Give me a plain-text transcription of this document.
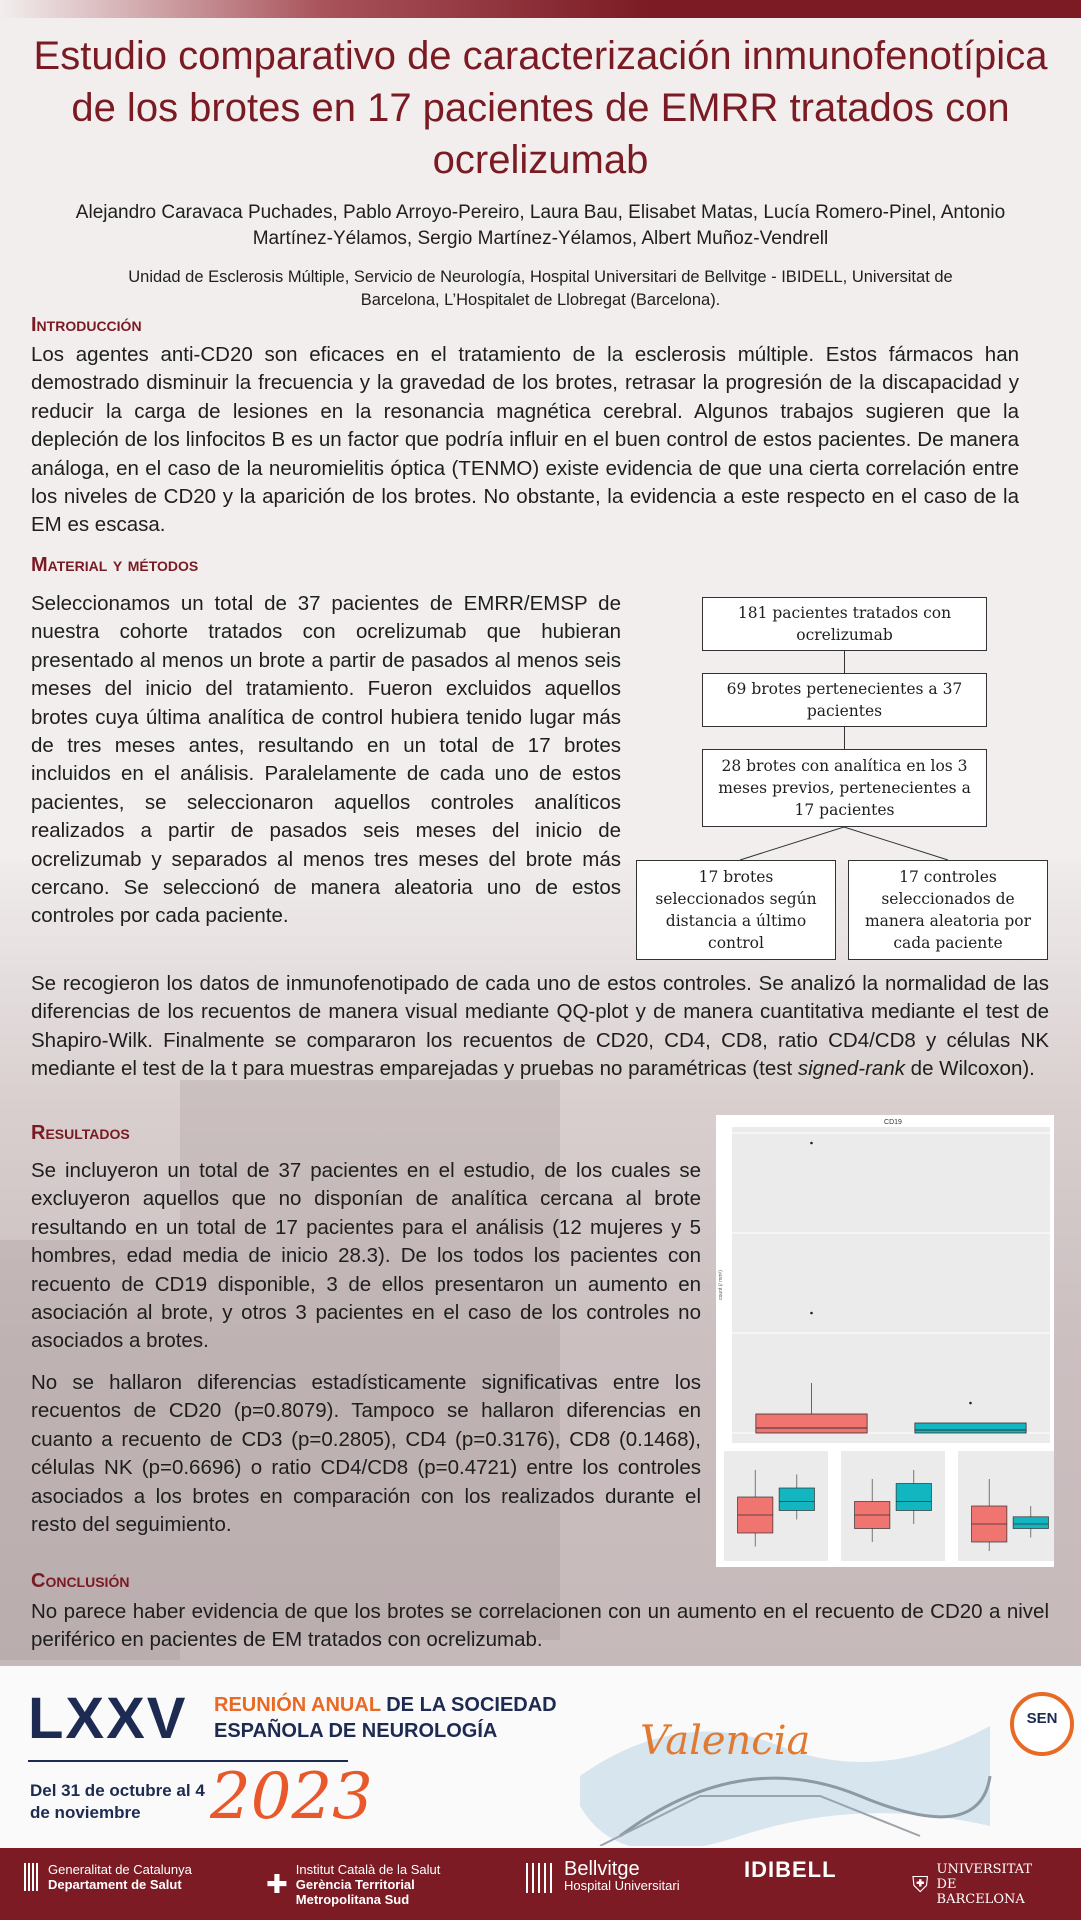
Estudio comparativo de caracterización inmunofenotípica de los brotes en 17 pacientes de EMRR tratados con ocrelizumab

Alejandro Caravaca Puchades, Pablo Arroyo-Pereiro, Laura Bau, Elisabet Matas, Lucía Romero-Pinel, Antonio Martínez-Yélamos, Sergio Martínez-Yélamos, Albert Muñoz-Vendrell

Unidad de Esclerosis Múltiple, Servicio de Neurología, Hospital Universitari de Bellvitge - IBIDELL, Universitat de Barcelona, L’Hospitalet de Llobregat (Barcelona).

Introducción

Los agentes anti-CD20 son eficaces en el tratamiento de la esclerosis múltiple. Estos fármacos han demostrado disminuir la frecuencia y la gravedad de los brotes, retrasar la progresión de la discapacidad y reducir la carga de lesiones en la resonancia magnética cerebral. Algunos trabajos sugieren que la depleción de los linfocitos B es un factor que podría influir en el buen control de estos pacientes. De manera análoga, en el caso de la neuromielitis óptica (TENMO) existe evidencia de que una cierta correlación entre los niveles de CD20 y la aparición de los brotes. No obstante, la evidencia a este respecto en el caso de la EM es escasa.

Material y métodos

Seleccionamos un total de 37 pacientes de EMRR/EMSP de nuestra cohorte tratados con ocrelizumab que hubieran presentado al menos un brote a partir de pasados al menos seis meses del inicio del tratamiento. Fueron excluidos aquellos brotes cuya última analítica de control hubiera tenido lugar más de tres meses antes, resultando en un total de 17 brotes incluidos en el análisis. Paralelamente de cada uno de estos pacientes, se seleccionaron aquellos controles analíticos realizados a partir de pasados seis meses del inicio de ocrelizumab y separados al menos tres meses del brote más cercano. Se seleccionó de manera aleatoria uno de estos controles por cada paciente.

181 pacientes tratados con ocrelizumab
69 brotes pertenecientes a 37 pacientes
28 brotes con analítica en los 3 meses previos, pertenecientes a 17 pacientes
17 brotes seleccionados según distancia a último control
17 controles seleccionados de manera aleatoria por cada paciente

Se recogieron los datos de inmunofenotipado de cada uno de estos controles. Se analizó la normalidad de las diferencias de los recuentos de manera visual mediante QQ-plot y de manera cuantitativa mediante el test de Shapiro-Wilk. Finalmente se compararon los recuentos de CD20, CD4, CD8, ratio CD4/CD8 y células NK mediante el test de la t para muestras emparejadas y pruebas no paramétricas (test signed-rank de Wilcoxon).

Resultados

Se incluyeron un total de 37 pacientes en el estudio, de los cuales se excluyeron aquellos que no disponían de analítica cercana al brote resultando en un total de 17 pacientes para el análisis (12 mujeres y 5 hombres, edad media de inicio 28.3). De los todos los pacientes con recuento de CD19 disponible, 3 de ellos presentaron un aumento en asociación al brote, y otros 3 pacientes en el caso de los controles no asociados a brotes.

No se hallaron diferencias estadísticamente significativas entre los recuentos de CD20 (p=0.8079). Tampoco se hallaron diferencias en cuanto a recuento de CD3 (p=0.2805), CD4 (p=0.3176), CD8 (0.1468), células NK (p=0.6696) o ratio CD4/CD8 (p=0.4721) entre los controles asociados a los brotes en comparación con los realizados durante el resto del seguimiento.

CD19
count (/ mm³)
Conclusión

No parece haber evidencia de que los brotes se correlacionen con un aumento en el recuento de CD20 a nivel periférico en pacientes de EM tratados con ocrelizumab.

LXXV REUNIÓN ANUAL DE LA SOCIEDAD
ESPAÑOLA DE NEUROLOGÍA	Valencia

Del 31 de octubre al 4 de noviembre	2023

SEN
Generalitat de Catalunya
Departament de Salut	✚ Institut Català de la Salut
Gerència Territorial Metropolitana Sud
Bellvitge
Hospital Universitari
IDIBELL
⛨
UNIVERSITAT DE BARCELONA
